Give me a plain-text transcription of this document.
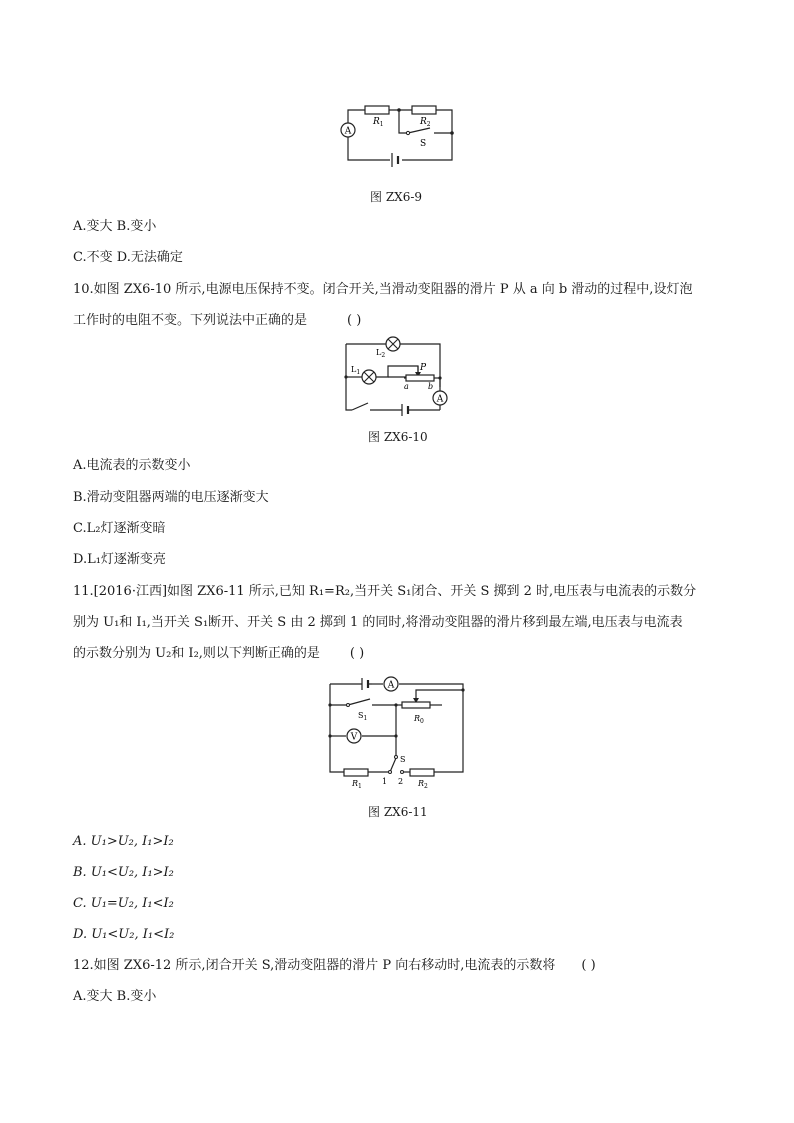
A
$R_1$	$R_2$
S
图 ZX6-9
A.变大 B.变小
C.不变 D.无法确定
10.如图 ZX6-10 所示,电源电压保持不变。闭合开关,当滑动变阻器的滑片 P 从 a 向 b 滑动的过程中,设灯泡
工作时的电阻不变。下列说法中正确的是	( )
A
$L_2$
$L_1$	P
a b
图 ZX6-10
A.电流表的示数变小
B.滑动变阻器两端的电压逐渐变大
C.L₂灯逐渐变暗
D.L₁灯逐渐变亮
11.[2016·江西]如图 ZX6-11 所示,已知 R₁=R₂,当开关 S₁闭合、开关 S 掷到 2 时,电压表与电流表的示数分
别为 U₁和 I₁,当开关 S₁断开、开关 S 由 2 掷到 1 的同时,将滑动变阻器的滑片移到最左端,电压表与电流表
的示数分别为 U₂和 I₂,则以下判断正确的是 ( )
A
V
$S_1$	$R_0$
S
$R_1$	$R_2$
1 2
图 ZX6-11
A. U₁>U₂, I₁>I₂
B. U₁<U₂, I₁>I₂
C. U₁=U₂, I₁<I₂
D. U₁<U₂, I₁<I₂
12.如图 ZX6-12 所示,闭合开关 S,滑动变阻器的滑片 P 向右移动时,电流表的示数将 ( )
A.变大 B.变小
